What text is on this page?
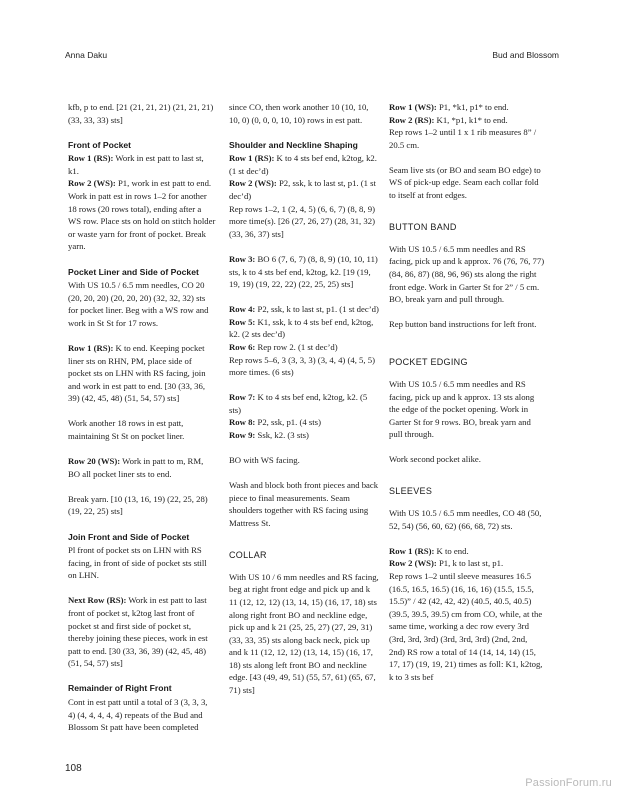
Anna Daku	Bud and Blossom

kfb, p to end. [21 (21, 21, 21) (21, 21, 21) (33, 33, 33) sts]

Front of Pocket

Row 1 (RS): Work in est patt to last st, k1.

Row 2 (WS): P1, work in est patt to end. Work in patt est in rows 1–2 for another 18 rows (20 rows total), ending after a WS row. Place sts on hold on stitch holder or waste yarn for front of pocket. Break yarn.

Pocket Liner and Side of Pocket

With US 10.5 / 6.5 mm needles, CO 20 (20, 20, 20) (20, 20, 20) (32, 32, 32) sts for pocket liner. Beg with a WS row and work in St St for 17 rows.

Row 1 (RS): K to end. Keeping pocket liner sts on RHN, PM, place side of pocket sts on LHN with RS facing, join and work in est patt to end. [30 (33, 36, 39) (42, 45, 48) (51, 54, 57) sts]

Work another 18 rows in est patt, maintaining St St on pocket liner.

Row 20 (WS): Work in patt to m, RM, BO all pocket liner sts to end.

Break yarn. [10 (13, 16, 19) (22, 25, 28) (19, 22, 25) sts]

Join Front and Side of Pocket

Pl front of pocket sts on LHN with RS facing, in front of side of pocket sts still on LHN.

Next Row (RS): Work in est patt to last front of pocket st, k2tog last front of pocket st and first side of pocket st, thereby joining these pieces, work in est patt to end. [30 (33, 36, 39) (42, 45, 48) (51, 54, 57) sts]

Remainder of Right Front

Cont in est patt until a total of 3 (3, 3, 3, 4) (4, 4, 4, 4, 4) repeats of the Bud and Blossom St patt have been completed

since CO, then work another 10 (10, 10, 10, 0) (0, 0, 0, 10, 10) rows in est patt.

Shoulder and Neckline Shaping

Row 1 (RS): K to 4 sts bef end, k2tog, k2. (1 st dec’d)

Row 2 (WS): P2, ssk, k to last st, p1. (1 st dec’d)

Rep rows 1–2, 1 (2, 4, 5) (6, 6, 7) (8, 8, 9) more time(s). [26 (27, 26, 27) (28, 31, 32) (33, 36, 37) sts]

Row 3: BO 6 (7, 6, 7) (8, 8, 9) (10, 10, 11) sts, k to 4 sts bef end, k2tog, k2. [19 (19, 19, 19) (19, 22, 22) (22, 25, 25) sts]

Row 4: P2, ssk, k to last st, p1. (1 st dec’d)

Row 5: K1, ssk, k to 4 sts bef end, k2tog, k2. (2 sts dec’d)

Row 6: Rep row 2. (1 st dec’d)

Rep rows 5–6, 3 (3, 3, 3) (3, 4, 4) (4, 5, 5) more times. (6 sts)

Row 7: K to 4 sts bef end, k2tog, k2. (5 sts)

Row 8: P2, ssk, p1. (4 sts)

Row 9: Ssk, k2. (3 sts)

BO with WS facing.

Wash and block both front pieces and back piece to final measurements. Seam shoulders together with RS facing using Mattress St.

COLLAR

With US 10 / 6 mm needles and RS facing, beg at right front edge and pick up and k 11 (12, 12, 12) (13, 14, 15) (16, 17, 18) sts along right front BO and neckline edge, pick up and k 21 (25, 25, 27) (27, 29, 31) (33, 33, 35) sts along back neck, pick up and k 11 (12, 12, 12) (13, 14, 15) (16, 17, 18) sts along left front BO and neckline edge. [43 (49, 49, 51) (55, 57, 61) (65, 67, 71) sts]

Row 1 (WS): P1, *k1, p1* to end.

Row 2 (RS): K1, *p1, k1* to end.

Rep rows 1–2 until 1 x 1 rib measures 8” / 20.5 cm.

Seam live sts (or BO and seam BO edge) to WS of pick-up edge. Seam each collar fold to itself at front edges.

BUTTON BAND

With US 10.5 / 6.5 mm needles and RS facing, pick up and k approx. 76 (76, 76, 77) (84, 86, 87) (88, 96, 96) sts along the right front edge. Work in Garter St for 2” / 5 cm. BO, break yarn and pull through.

Rep button band instructions for left front.

POCKET EDGING

With US 10.5 / 6.5 mm needles and RS facing, pick up and k approx. 13 sts along the edge of the pocket opening. Work in Garter St for 9 rows. BO, break yarn and pull through.

Work second pocket alike.

SLEEVES

With US 10.5 / 6.5 mm needles, CO 48 (50, 52, 54) (56, 60, 62) (66, 68, 72) sts.

Row 1 (RS): K to end.

Row 2 (WS): P1, k to last st, p1.

Rep rows 1–2 until sleeve measures 16.5 (16.5, 16.5, 16.5) (16, 16, 16) (15.5, 15.5, 15.5)” / 42 (42, 42, 42) (40.5, 40.5, 40.5) (39.5, 39.5, 39.5) cm from CO, while, at the same time, working a dec row every 3rd (3rd, 3rd, 3rd) (3rd, 3rd, 3rd) (2nd, 2nd, 2nd) RS row a total of 14 (14, 14, 14) (15, 17, 17) (19, 19, 21) times as foll: K1, k2tog, k to 3 sts bef

108
PassionForum.ru
